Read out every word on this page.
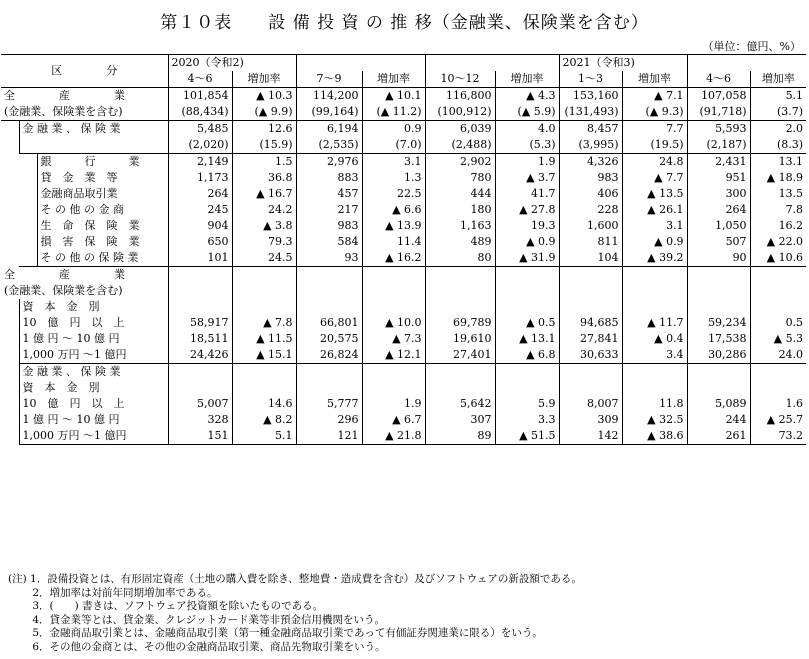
第１０表　　設 備 投 資 の 推 移（金融業、保険業を含む）
（単位：億円、%）
区　　　　分			2020（令和2)						2021（令和3)			
			4～6	増加率	7～9	増加率	10～12	増加率	1～3	増加率	4～6	増加率
全　　　　産　　　　業			101,854	▲ 10.3	114,200	▲ 10.1	116,800	▲ 4.3	153,160	▲ 7.1	107,058	5.1
(金融業、保険業を含む)			(88,434)	(▲ 9.9)	(99,164)	(▲ 11.2)	(100,912)	(▲ 5.9)	(131,493)	(▲ 9.3)	(91,718)	(3.7)
	金 融 業 、 保 険 業		5,485	12.6	6,194	0.9	6,039	4.0	8,457	7.7	5,593	2.0
			(2,020)	(15.9)	(2,535)	(7.0)	(2,488)	(5.3)	(3,995)	(19.5)	(2,187)	(8.3)
		銀　　　行　　　業	2,149	1.5	2,976	3.1	2,902	1.9	4,326	24.8	2,431	13.1
		貸　金　業　等	1,173	36.8	883	1.3	780	▲ 3.7	983	▲ 7.7	951	▲ 18.9
		金融商品取引業	264	▲ 16.7	457	22.5	444	41.7	406	▲ 13.5	300	13.5
		そ の 他 の 金 商	245	24.2	217	▲ 6.6	180	▲ 27.8	228	▲ 26.1	264	7.8
		生　命　保　険　業	904	▲ 3.8	983	▲ 13.9	1,163	19.3	1,600	3.1	1,050	16.2
		損　害　保　険　業	650	79.3	584	11.4	489	▲ 0.9	811	▲ 0.9	507	▲ 22.0
		そ の 他 の 保 険 業	101	24.5	93	▲ 16.2	80	▲ 31.9	104	▲ 39.2	90	▲ 10.6
全　　　　産　　　　業												
(金融業、保険業を含む)												
	資　本　金　別											
	10　億　円　以　上		58,917	▲ 7.8	66,801	▲ 10.0	69,789	▲ 0.5	94,685	▲ 11.7	59,234	0.5
	1 億 円 ～ 10 億 円		18,511	▲ 11.5	20,575	▲ 7.3	19,610	▲ 13.1	27,841	▲ 0.4	17,538	▲ 5.3
	1,000 万円 ～1 億円		24,426	▲ 15.1	26,824	▲ 12.1	27,401	▲ 6.8	30,633	3.4	30,286	24.0
	金 融 業 、 保 険 業											
	資　本　金　別											
	10　億　円　以　上		5,007	14.6	5,777	1.9	5,642	5.9	8,007	11.8	5,089	1.6
	1 億 円 ～ 10 億 円		328	▲ 8.2	296	▲ 6.7	307	3.3	309	▲ 32.5	244	▲ 25.7
	1,000 万円 ～1 億円		151	5.1	121	▲ 21.8	89	▲ 51.5	142	▲ 38.6	261	73.2
(注) 1．設備投資とは、有形固定資産（土地の購入費を除き、整地費・造成費を含む）及びソフトウェアの新設額である。
　　 2．増加率は対前年同期増加率である。
　　 3．(　　) 書きは、ソフトウェア投資額を除いたものである。
　　 4．貸金業等とは、貸金業、クレジットカード業等非預金信用機関をいう。
　　 5．金融商品取引業とは、金融商品取引業（第一種金融商品取引業であって有価証券関連業に限る）をいう。
　　 6．その他の金商とは、その他の金融商品取引業、商品先物取引業をいう。
